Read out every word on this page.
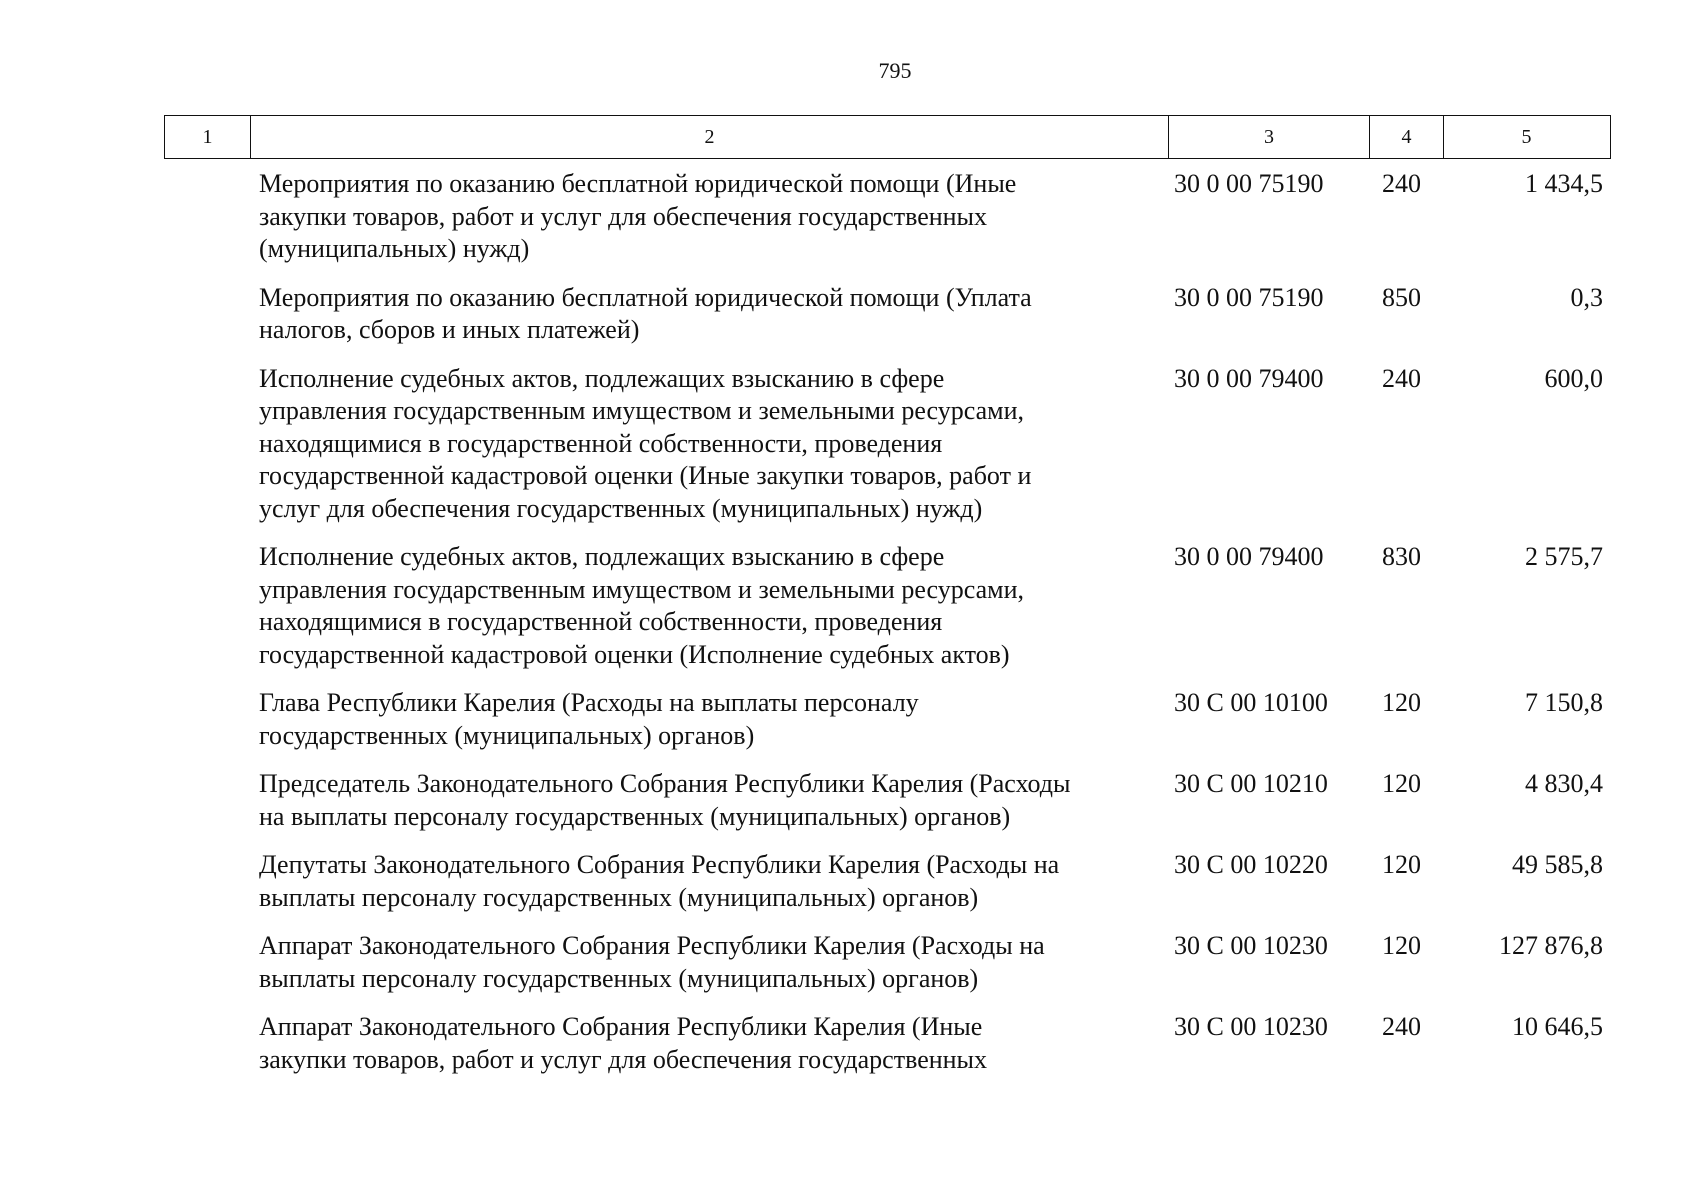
795
1	2	3	4	5
Мероприятия по оказанию бесплатной юридической помощи (Иные
закупки товаров, работ и услуг для обеспечения государственных
(муниципальных) нужд)
30 0 00 75190 240	1 434,5
Мероприятия по оказанию бесплатной юридической помощи (Уплата
налогов, сборов и иных платежей)
30 0 00 75190 850	0,3
Исполнение судебных актов, подлежащих взысканию в сфере
управления государственным имуществом и земельными ресурсами,
находящимися в государственной собственности, проведения
государственной кадастровой оценки (Иные закупки товаров, работ и
услуг для обеспечения государственных (муниципальных) нужд)
30 0 00 79400 240	600,0
Исполнение судебных актов, подлежащих взысканию в сфере
управления государственным имуществом и земельными ресурсами,
находящимися в государственной собственности, проведения
государственной кадастровой оценки (Исполнение судебных актов)
30 0 00 79400 830	2 575,7
Глава Республики Карелия (Расходы на выплаты персоналу
государственных (муниципальных) органов)
30 С 00 10100 120	7 150,8
Председатель Законодательного Собрания Республики Карелия (Расходы
на выплаты персоналу государственных (муниципальных) органов)
30 С 00 10210 120	4 830,4
Депутаты Законодательного Собрания Республики Карелия (Расходы на
выплаты персоналу государственных (муниципальных) органов)
30 С 00 10220 120	49 585,8
Аппарат Законодательного Собрания Республики Карелия (Расходы на
выплаты персоналу государственных (муниципальных) органов)
30 С 00 10230 120	127 876,8
Аппарат Законодательного Собрания Республики Карелия (Иные
закупки товаров, работ и услуг для обеспечения государственных
30 С 00 10230 240	10 646,5
